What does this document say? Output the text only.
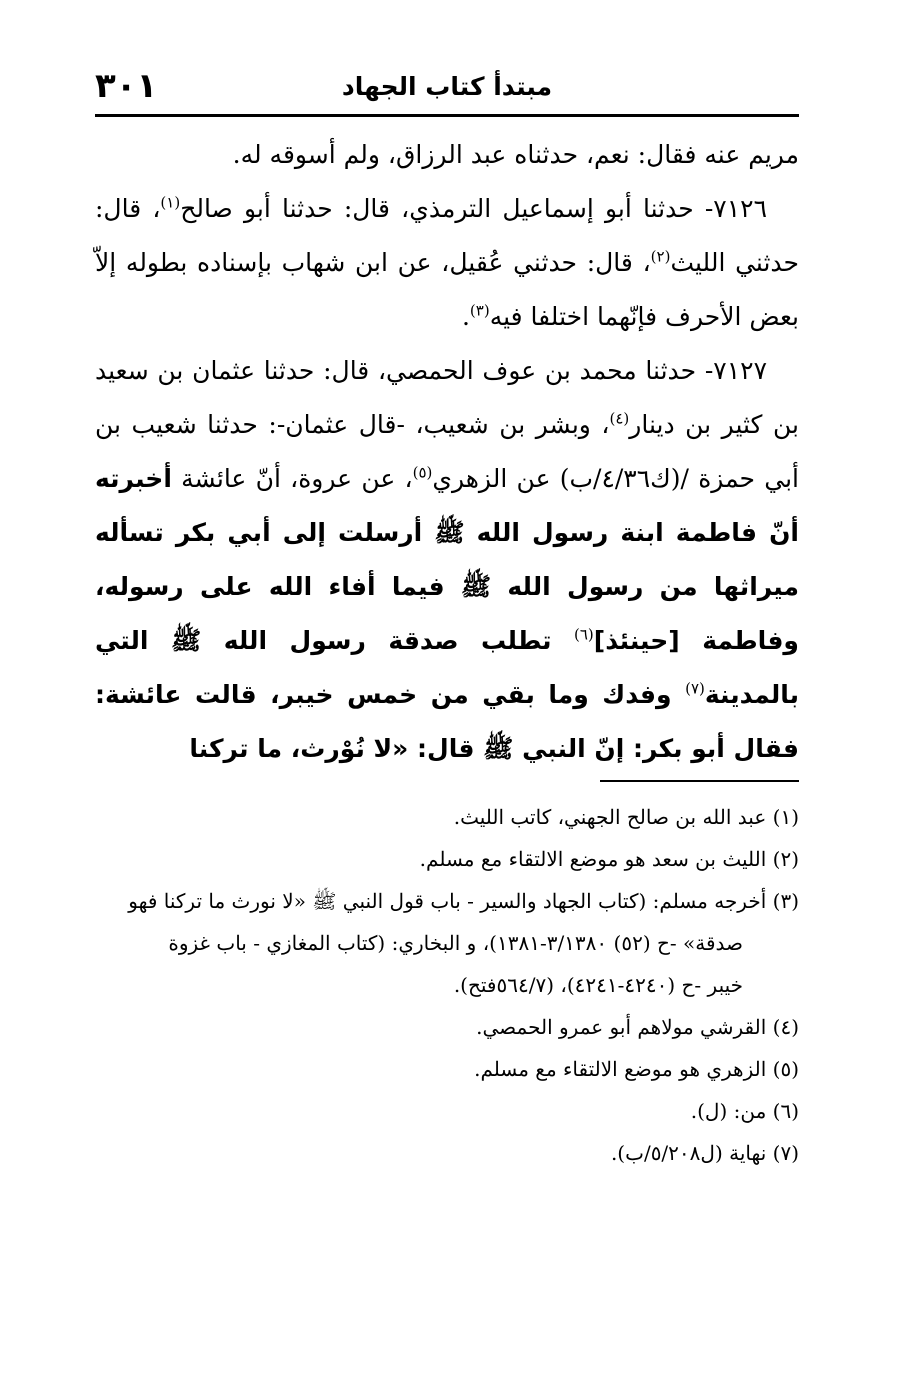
٣٠١	مبتدأ كتاب الجهاد

مريم عنه فقال: نعم، حدثناه عبد الرزاق، ولم أسوقه له.

٧١٢٦- حدثنا أبو إسماعيل الترمذي، قال: حدثنا أبو صالح$^{(١)}$، قال: حدثني الليث$^{(٢)}$، قال: حدثني عُقيل، عن ابن شهاب بإسناده بطوله إلاّ بعض الأحرف فإنّهما اختلفا فيه$^{(٣)}$.

٧١٢٧- حدثنا محمد بن عوف الحمصي، قال: حدثنا عثمان بن سعيد بن كثير بن دينار$^{(٤)}$، وبشر بن شعيب، -قال عثمان-: حدثنا شعيب بن أبي حمزة /(ك٤/٣٦/ب) عن الزهري$^{(٥)}$، عن عروة، أنّ عائشة أخبرته أنّ فاطمة ابنة رسول الله ﷺ أرسلت إلى أبي بكر تسأله ميراثها من رسول الله ﷺ فيما أفاء الله على رسوله، وفاطمة [حينئذ]$^{(٦)}$ تطلب صدقة رسول الله ﷺ التي بالمدينة$^{(٧)}$ وفدك وما بقي من خمس خيبر، قالت عائشة: فقال أبو بكر: إنّ النبي ﷺ قال: «لا نُوْرث، ما تركنا

(١) عبد الله بن صالح الجهني، كاتب الليث.

(٢) الليث بن سعد هو موضع الالتقاء مع مسلم.

(٣) أخرجه مسلم: (كتاب الجهاد والسير - باب قول النبي ﷺ «لا نورث ما تركنا فهو
صدقة» -ح (٥٢) ٣/١٣٨٠-١٣٨١)، و البخاري: (كتاب المغازي - باب غزوة
خيبر -ح (٤٢٤٠-٤٢٤١)، (٥٦٤/٧فتح).

(٤) القرشي مولاهم أبو عمرو الحمصي.

(٥) الزهري هو موضع الالتقاء مع مسلم.

(٦) من: (ل).

(٧) نهاية (ل٥/٢٠٨/ب).
